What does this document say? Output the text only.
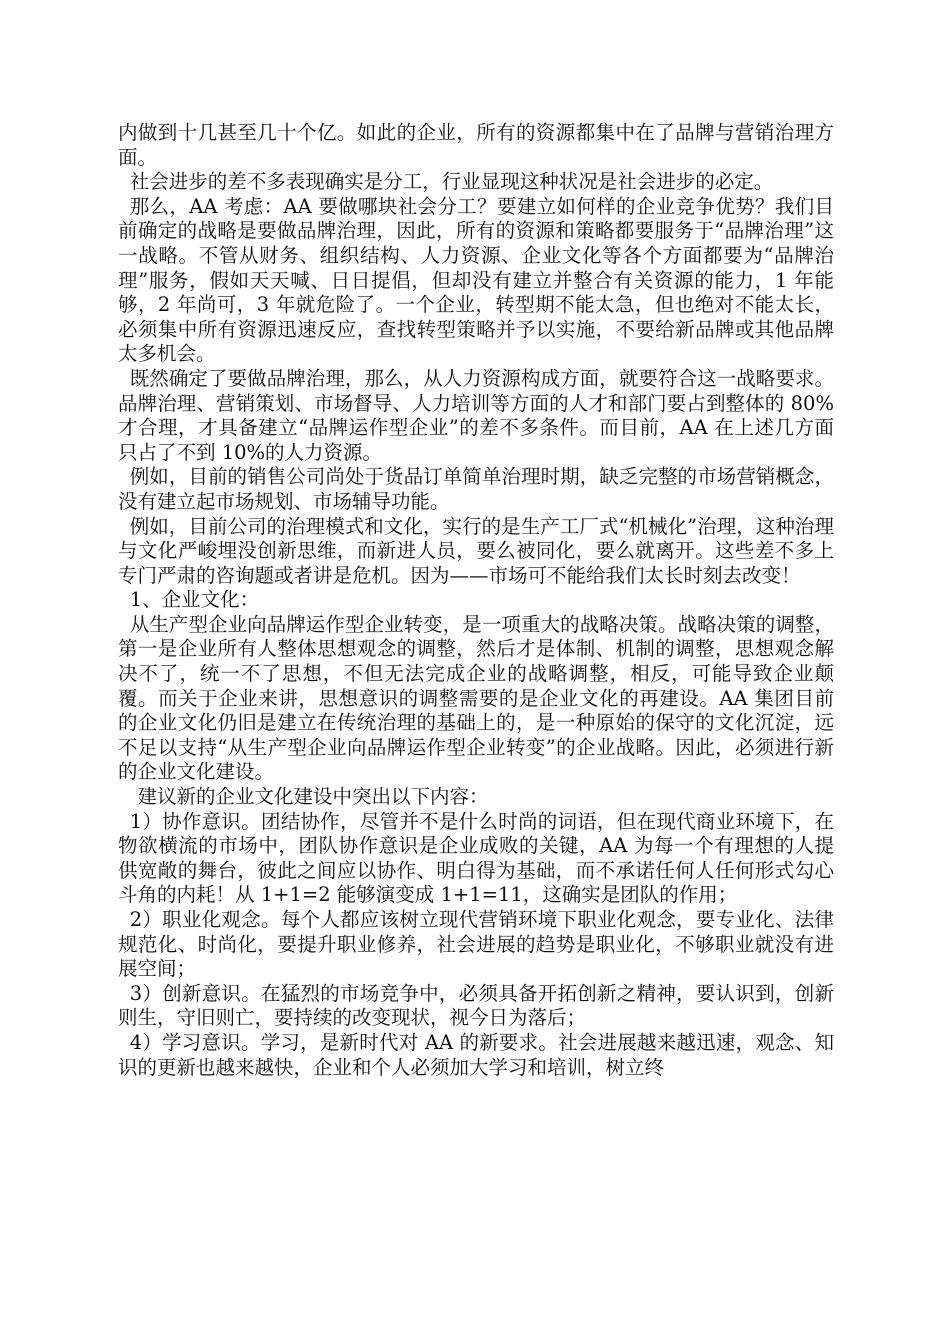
内做到十几甚至几十个亿。如此的企业，所有的资源都集中在了品牌与营销治理方面。

社会进步的差不多表现确实是分工，行业显现这种状况是社会进步的必定。

那么，AA 考虑：AA 要做哪块社会分工？要建立如何样的企业竞争优势？我们目前确定的战略是要做品牌治理，因此，所有的资源和策略都要服务于“品牌治理”这一战略。不管从财务、组织结构、人力资源、企业文化等各个方面都要为“品牌治理”服务，假如天天喊、日日提倡，但却没有建立并整合有关资源的能力，1 年能够，2 年尚可，3 年就危险了。一个企业，转型期不能太急，但也绝对不能太长，必须集中所有资源迅速反应，查找转型策略并予以实施，不要给新品牌或其他品牌太多机会。

既然确定了要做品牌治理，那么，从人力资源构成方面，就要符合这一战略要求。品牌治理、营销策划、市场督导、人力培训等方面的人才和部门要占到整体的 80%才合理，才具备建立“品牌运作型企业”的差不多条件。而目前，AA 在上述几方面只占了不到 10%的人力资源。

例如，目前的销售公司尚处于货品订单简单治理时期，缺乏完整的市场营销概念，没有建立起市场规划、市场辅导功能。

例如，目前公司的治理模式和文化，实行的是生产工厂式“机械化”治理，这种治理与文化严峻埋没创新思维，而新进人员，要么被同化，要么就离开。这些差不多上专门严肃的咨询题或者讲是危机。因为——市场可不能给我们太长时刻去改变！

1、企业文化：

从生产型企业向品牌运作型企业转变，是一项重大的战略决策。战略决策的调整，第一是企业所有人整体思想观念的调整，然后才是体制、机制的调整，思想观念解决不了，统一不了思想，不但无法完成企业的战略调整，相反，可能导致企业颠覆。而关于企业来讲，思想意识的调整需要的是企业文化的再建设。AA 集团目前的企业文化仍旧是建立在传统治理的基础上的，是一种原始的保守的文化沉淀，远不足以支持“从生产型企业向品牌运作型企业转变”的企业战略。因此，必须进行新的企业文化建设。

建议新的企业文化建设中突出以下内容：

1）协作意识。团结协作，尽管并不是什么时尚的词语，但在现代商业环境下，在物欲横流的市场中，团队协作意识是企业成败的关键，AA 为每一个有理想的人提供宽敞的舞台，彼此之间应以协作、明白得为基础，而不承诺任何人任何形式勾心斗角的内耗！从 1+1=2 能够演变成 1+1=11，这确实是团队的作用；

2）职业化观念。每个人都应该树立现代营销环境下职业化观念，要专业化、法律规范化、时尚化，要提升职业修养，社会进展的趋势是职业化，不够职业就没有进展空间；

3）创新意识。在猛烈的市场竞争中，必须具备开拓创新之精神，要认识到，创新则生，守旧则亡，要持续的改变现状，视今日为落后；

4）学习意识。学习，是新时代对 AA 的新要求。社会进展越来越迅速，观念、知识的更新也越来越快，企业和个人必须加大学习和培训，树立终
